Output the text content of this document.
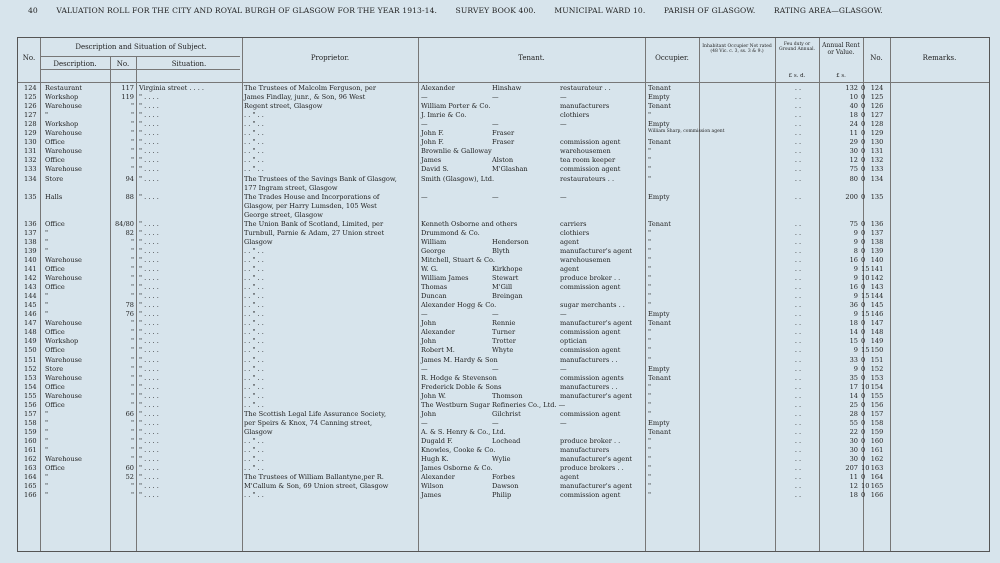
40 VALUATION ROLL FOR THE CITY AND ROYAL BURGH OF GLASGOW FOR THE YEAR 1913-14. SURVEY BOOK 400. MUNICIPAL WARD 10. PARISH OF GLASGOW. RATING AREA—GLASGOW.
No.
Description and Situation of Subject.
Description.	No.	Situation.
Proprietor.	Tenant.	Occupier.
Inhabitant Occupier Not rated (48 Vic. c. 3, ss. 3 & 9.)
Feu duty or Ground Annual.
£ s. d.
Annual Rent or Value.
£ s.
No.	Remarks.
124	Restaurant	117 Virginia street . . . .	The Trustees of Malcolm Ferguson, per	Alexander	Hinshaw	restaurateur . .	Tenant	. .	132 0 124
125	Workshop	119 " . . . .	James Findlay, junr., & Son, 96 West	—	—	—	Empty	. .	10 0 125
126	Warehouse	" " . . . .	Regent street, Glasgow	William Porter & Co.	manufacturers	Tenant	. .	40 0 126
127	"	" " . . . .	. . " . .	J. Imrie & Co.	clothiers	"	. .	18 0 127
128	Workshop	" " . . . .	. . " . .	—	—	—	Empty	. .	24 0 128
129	Warehouse	" " . . . .	. . " . .	John F.	Fraser	William Sharp, commission agent	. .	11 0 129
130	Office	" " . . . .	. . " . .	John F.	Fraser	commission agent	Tenant	. .	29 0 130
131	Warehouse	" " . . . .	. . " . .	Brownlie & Galloway	warehousemen	"	. .	30 0 131
132	Office	" " . . . .	. . " . .	James	Alston	tea room keeper	"	. .	12 0 132
133	Warehouse	" " . . . .	. . " . .	David S.	M'Glashan	commission agent	"	. .	75 0 133
134	Store	94 " . . . .	The Trustees of the Savings Bank of Glasgow,	Smith (Glasgow), Ltd.	restaurateurs . .	"	. .	80 0 134
177 Ingram street, Glasgow
135	Halls	88 " . . . .	The Trades House and Incorporations of	—	—	—	Empty	. .	200 0 135
Glasgow, per Harry Lumsden, 105 West
George street, Glasgow
136	Office	84/80 " . . . .	The Union Bank of Scotland, Limited, per	Kenneth Osborne and others	carriers	Tenant	. .	75 0 136
137	"	82 " . . . .	Turnbull, Parnie & Adam, 27 Union street	Drummond & Co.	clothiers	"	. .	9 0 137
138	"	" " . . . .	Glasgow	William	Henderson	agent	"	. .	9 0 138
139	"	" " . . . .	. . " . .	George	Blyth	manufacturer's agent	"	. .	8 0 139
140	Warehouse	" " . . . .	. . " . .	Mitchell, Stuart & Co.	warehousemen	"	. .	16 0 140
141	Office	" " . . . .	. . " . .	W. G.	Kirkhope	agent	"	. .	9 15 141
142	Warehouse	" " . . . .	. . " . .	William James	Stewart	produce broker . .	"	. .	9 10 142
143	Office	" " . . . .	. . " . .	Thomas	M'Gill	commission agent	"	. .	16 0 143
144	"	" " . . . .	. . " . .	Duncan	Breingan	"	. .	9 15 144
145	"	78 " . . . .	. . " . .	Alexander Hogg & Co.	sugar merchants . .	"	. .	36 0 145
146	"	76 " . . . .	. . " . .	—	—	—	Empty	. .	9 15 146
147	Warehouse	" " . . . .	. . " . .	John	Rennie	manufacturer's agent	Tenant	. .	18 0 147
148	Office	" " . . . .	. . " . .	Alexander	Turner	commission agent	"	. .	14 0 148
149	Workshop	" " . . . .	. . " . .	John	Trotter	optician	"	. .	15 0 149
150	Office	" " . . . .	. . " . .	Robert M.	Whyte	commission agent	"	. .	9 15 150
151	Warehouse	" " . . . .	. . " . .	James M. Hardy & Son	manufacturers . .	"	. .	33 0 151
152	Store	" " . . . .	. . " . .	—	—	—	Empty	. .	9 0 152
153	Warehouse	" " . . . .	. . " . .	R. Hodge & Stevenson	commission agents	Tenant	. .	35 0 153
154	Office	" " . . . .	. . " . .	Frederick Doble & Sons	manufacturers . .	"	. .	17 10 154
155	Warehouse	" " . . . .	. . " . .	John W.	Thomson	manufacturer's agent	"	. .	14 0 155
156	Office	" " . . . .	. . " . .	The Westburn Sugar Refineries Co., Ltd. —	"	. .	25 0 156
157	"	66 " . . . .	The Scottish Legal Life Assurance Society,	John	Gilchrist	commission agent	"	. .	28 0 157
158	"	" " . . . .	per Speirs & Knox, 74 Canning street,	—	—	—	Empty	. .	55 0 158
159	"	" " . . . .	Glasgow	A. & S. Henry & Co., Ltd.	Tenant	. .	22 0 159
160	"	" " . . . .	. . " . .	Dugald F.	Lochead	produce broker . .	"	. .	30 0 160
161	"	" " . . . .	. . " . .	Knowles, Cooke & Co.	manufacturers	"	. .	30 0 161
162	Warehouse	" " . . . .	. . " . .	Hugh K.	Wylie	manufacturer's agent	"	. .	30 0 162
163	Office	60 " . . . .	. . " . .	James Osborne & Co.	produce brokers . .	"	. .	207 10 163
164	"	52 " . . . .	The Trustees of William Ballantyne,per R.	Alexander	Forbes	agent	"	. .	11 0 164
165	"	" " . . . .	M'Callum & Son, 69 Union street, Glasgow	Wilson	Dawson	manufacturer's agent	"	. .	12 10 165
166	"	" " . . . .	. . " . .	James	Philip	commission agent	"	. .	18 0 166
